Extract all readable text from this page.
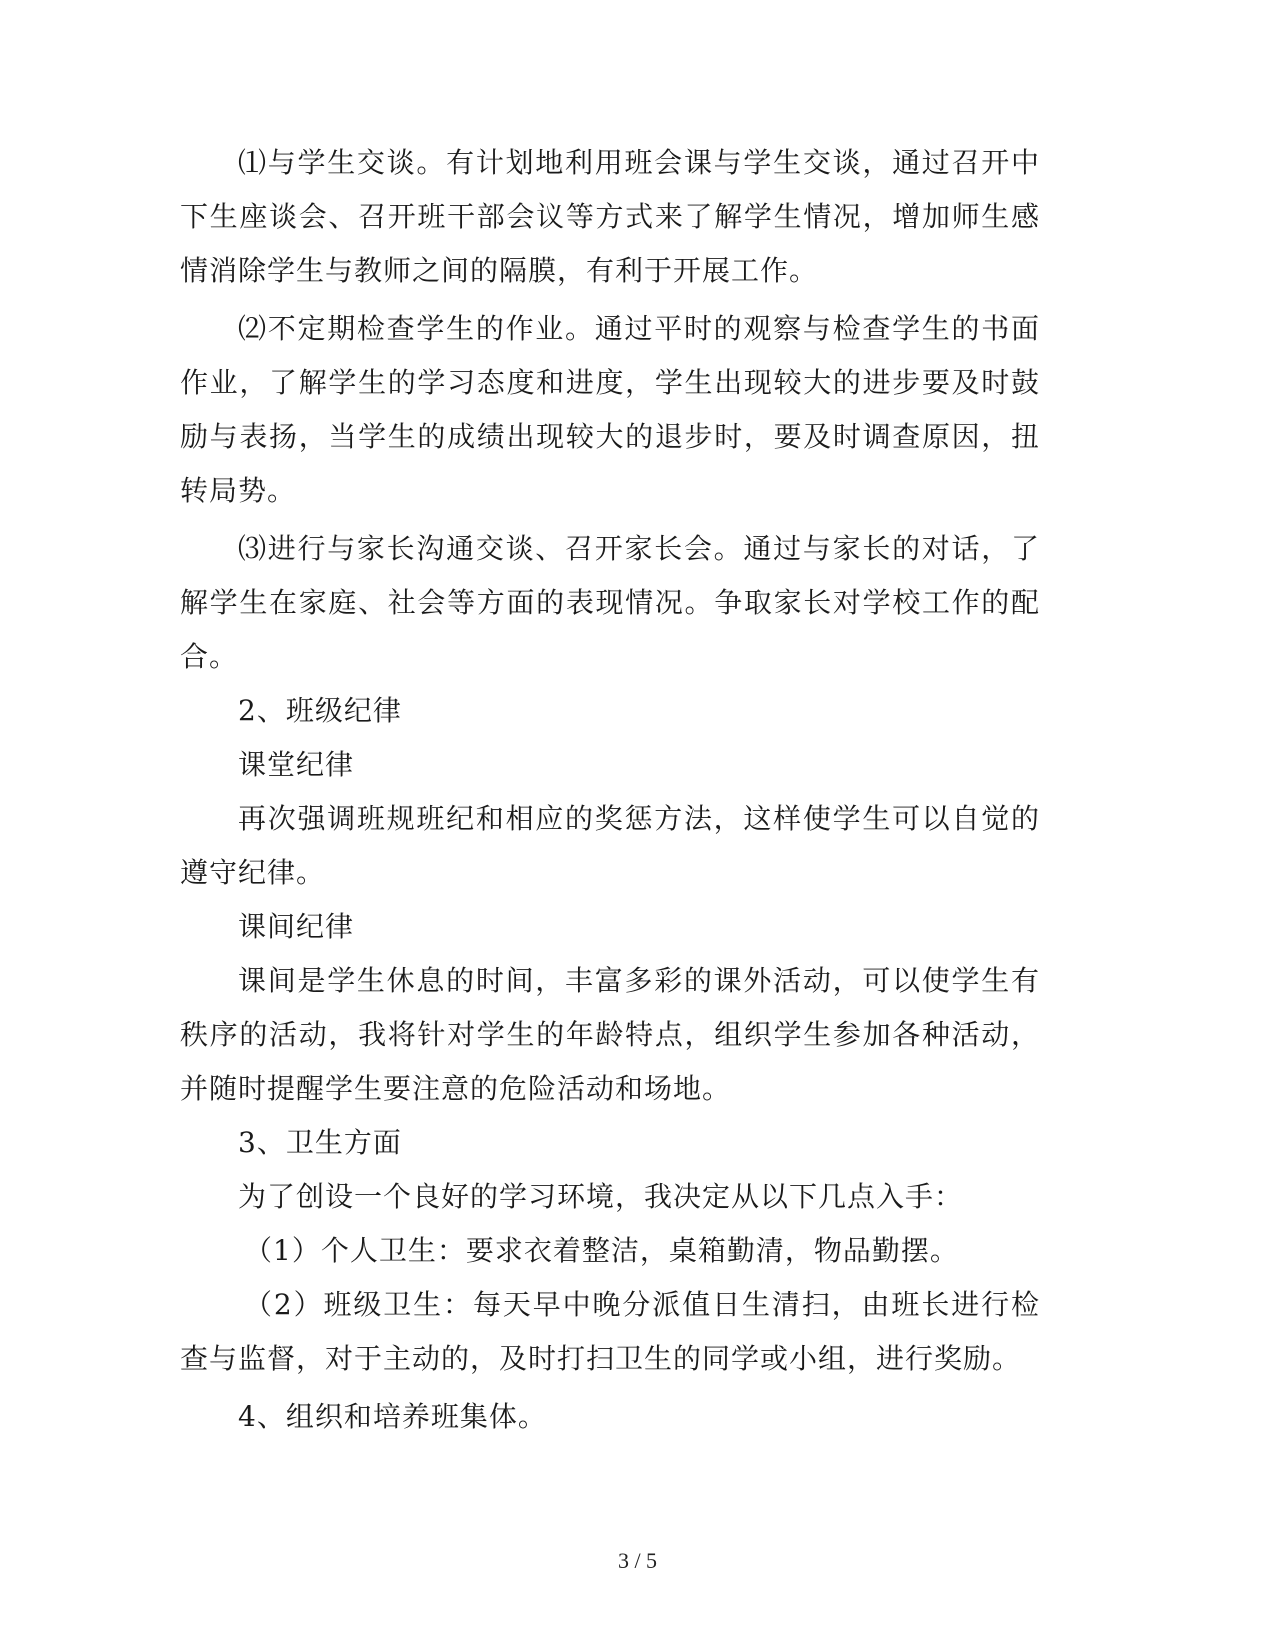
⑴与学生交谈。有计划地利用班会课与学生交谈，通过召开中下生座谈会、召开班干部会议等方式来了解学生情况，增加师生感情消除学生与教师之间的隔膜，有利于开展工作。

⑵不定期检查学生的作业。通过平时的观察与检查学生的书面作业，了解学生的学习态度和进度，学生出现较大的进步要及时鼓励与表扬，当学生的成绩出现较大的退步时，要及时调查原因，扭转局势。

⑶进行与家长沟通交谈、召开家长会。通过与家长的对话，了解学生在家庭、社会等方面的表现情况。争取家长对学校工作的配合。

2、班级纪律

课堂纪律

再次强调班规班纪和相应的奖惩方法，这样使学生可以自觉的遵守纪律。

课间纪律

课间是学生休息的时间，丰富多彩的课外活动，可以使学生有秩序的活动，我将针对学生的年龄特点，组织学生参加各种活动，并随时提醒学生要注意的危险活动和场地。

3、卫生方面

为了创设一个良好的学习环境，我决定从以下几点入手：

（1）个人卫生：要求衣着整洁，桌箱勤清，物品勤摆。

（2）班级卫生：每天早中晚分派值日生清扫，由班长进行检查与监督，对于主动的，及时打扫卫生的同学或小组，进行奖励。

4、组织和培养班集体。

3 / 5
